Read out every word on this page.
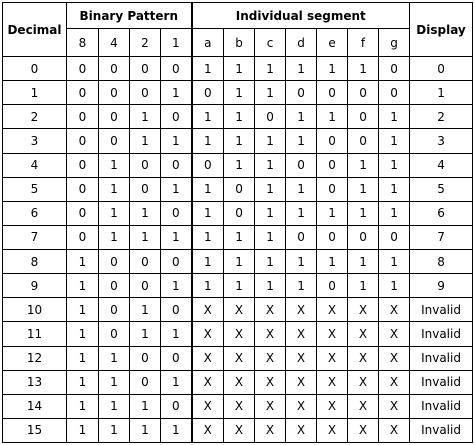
Decimal	Binary Pattern				Individual segment							Display
	8	4	2	1	a	b	c	d	e	f	g	
0	0	0	0	0	1	1	1	1	1	1	0	0
1	0	0	0	1	0	1	1	0	0	0	0	1
2	0	0	1	0	1	1	0	1	1	0	1	2
3	0	0	1	1	1	1	1	1	0	0	1	3
4	0	1	0	0	0	1	1	0	0	1	1	4
5	0	1	0	1	1	0	1	1	0	1	1	5
6	0	1	1	0	1	0	1	1	1	1	1	6
7	0	1	1	1	1	1	1	0	0	0	0	7
8	1	0	0	0	1	1	1	1	1	1	1	8
9	1	0	0	1	1	1	1	1	0	1	1	9
10	1	0	1	0	X	X	X	X	X	X	X	Invalid
11	1	0	1	1	X	X	X	X	X	X	X	Invalid
12	1	1	0	0	X	X	X	X	X	X	X	Invalid
13	1	1	0	1	X	X	X	X	X	X	X	Invalid
14	1	1	1	0	X	X	X	X	X	X	X	Invalid
15	1	1	1	1	X	X	X	X	X	X	X	Invalid
